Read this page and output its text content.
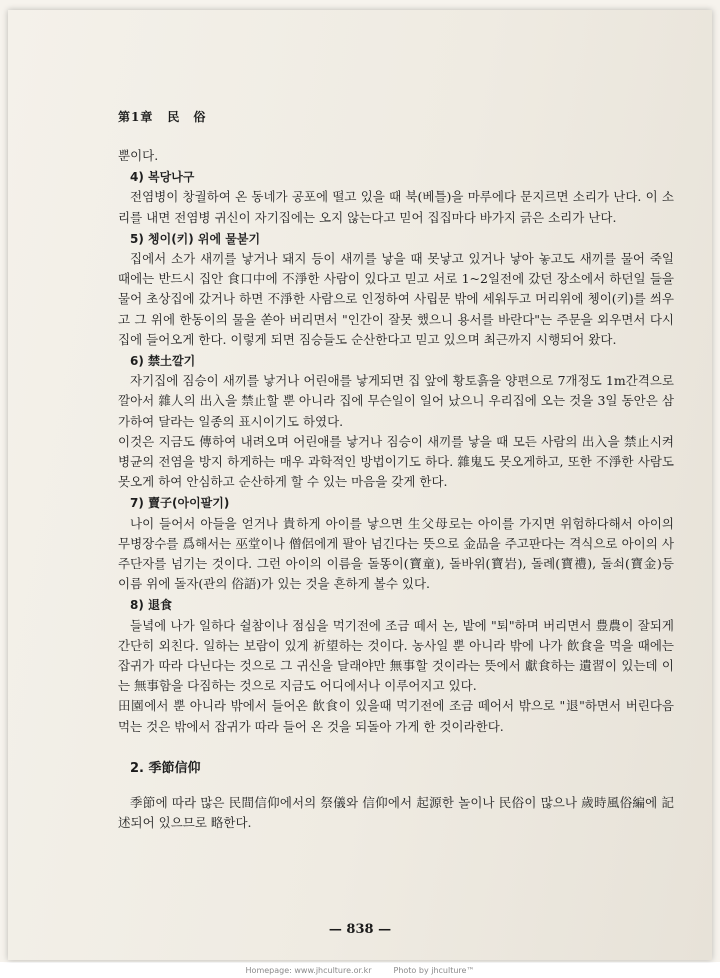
第1章 民　俗

뿐이다.

4) 복당나구

전염병이 창궐하여 온 동네가 공포에 떨고 있을 때 북(베틀)을 마루에다 문지르면 소리가 난다. 이 소리를 내면 전염병 귀신이 자기집에는 오지 않는다고 믿어 집집마다 바가지 긁은 소리가 난다.

5) 쳉이(키) 위에 물붇기

집에서 소가 새끼를 낳거나 돼지 등이 새끼를 낳을 때 못낳고 있거나 낳아 놓고도 새끼를 물어 죽일 때에는 반드시 집안 食口中에 不淨한 사람이 있다고 믿고 서로 1~2일전에 갔던 장소에서 하던일 들을 물어 초상집에 갔거나 하면 不淨한 사람으로 인정하여 사립문 밖에 세워두고 머리위에 쳉이(키)를 씌우고 그 위에 한동이의 물을 쏟아 버리면서 "인간이 잘못 했으니 용서를 바란다"는 주문을 외우면서 다시 집에 들어오게 한다. 이렇게 되면 짐승들도 순산한다고 믿고 있으며 최근까지 시행되어 왔다.

6) 禁土깔기

자기집에 짐승이 새끼를 낳거나 어린애를 낳게되면 집 앞에 황토흙을 양편으로 7개정도 1m간격으로 깔아서 雜人의 出入을 禁止할 뿐 아니라 집에 무슨일이 일어 났으니 우리집에 오는 것을 3일 동안은 삼가하여 달라는 일종의 표시이기도 하였다.

이것은 지금도 傳하여 내려오며 어린애를 낳거나 짐승이 새끼를 낳을 때 모든 사람의 出入을 禁止시켜 병균의 전염을 방지 하게하는 매우 과학적인 방법이기도 하다. 雜鬼도 못오게하고, 또한 不淨한 사람도 못오게 하여 안심하고 순산하게 할 수 있는 마음을 갖게 한다.

7) 賣子(아이팔기)

나이 들어서 아들을 얻거나 貴하게 아이를 낳으면 生父母로는 아이를 가지면 위험하다해서 아이의 무병장수를 爲해서는 巫堂이나 僧侶에게 팔아 넘긴다는 뜻으로 金品을 주고판다는 격식으로 아이의 사주단자를 넘기는 것이다. 그런 아이의 이름을 돌똥이(寶童), 돌바위(寶岩), 돌례(寶禮), 돌쇠(寶金)등 이름 위에 돌자(관의 俗語)가 있는 것을 흔하게 볼수 있다.

8) 退食

들녘에 나가 일하다 쉴참이나 점심을 먹기전에 조금 떼서 논, 밭에 "퇴"하며 버리면서 豊農이 잘되게 간단히 외친다. 일하는 보람이 있게 祈望하는 것이다. 농사일 뿐 아니라 밖에 나가 飮食을 먹을 때에는 잡귀가 따라 다닌다는 것으로 그 귀신을 달래야만 無事할 것이라는 뜻에서 獻食하는 遺習이 있는데 이는 無事함을 다짐하는 것으로 지금도 어디에서나 이루어지고 있다.

田園에서 뿐 아니라 밖에서 들어온 飮食이 있을때 먹기전에 조금 떼어서 밖으로 "退"하면서 버린다음 먹는 것은 밖에서 잡귀가 따라 들어 온 것을 되돌아 가게 한 것이라한다.

2. 季節信仰

季節에 따라 많은 民間信仰에서의 祭儀와 信仰에서 起源한 놀이나 民俗이 많으나 歲時風俗編에 記述되어 있으므로 略한다.

— 838 —
Homepage: www.jhculture.or.kr	Photo by jhculture™
